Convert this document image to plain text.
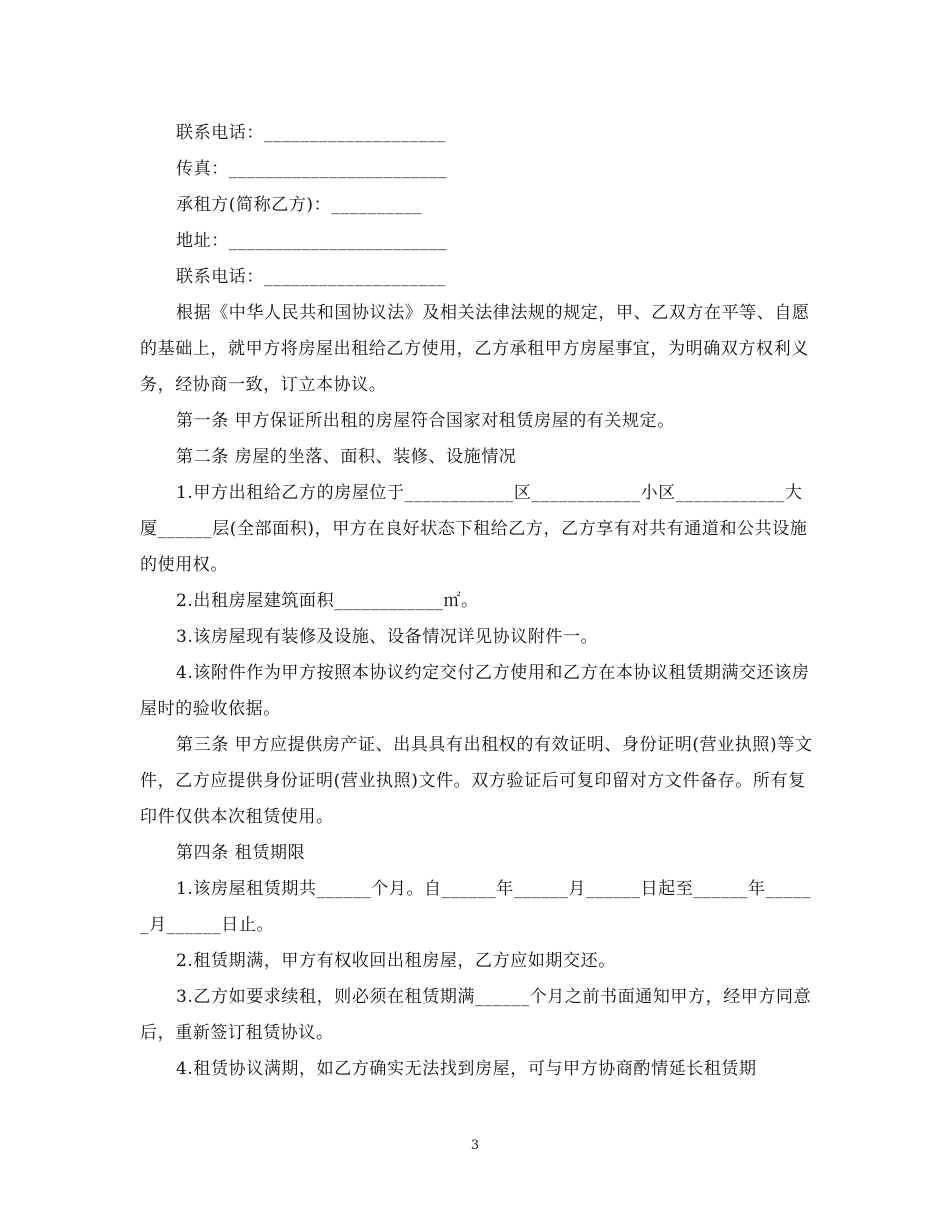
联系电话：____________________

传真：________________________

承租方(简称乙方)：__________

地址：________________________

联系电话：____________________

根据《中华人民共和国协议法》及相关法律法规的规定，甲、乙双方在平等、自愿的基础上，就甲方将房屋出租给乙方使用，乙方承租甲方房屋事宜，为明确双方权利义务，经协商一致，订立本协议。

第一条 甲方保证所出租的房屋符合国家对租赁房屋的有关规定。

第二条 房屋的坐落、面积、装修、设施情况

1.甲方出租给乙方的房屋位于____________区____________小区____________大厦______层(全部面积)，甲方在良好状态下租给乙方，乙方享有对共有通道和公共设施的使用权。

2.出租房屋建筑面积____________㎡。

3.该房屋现有装修及设施、设备情况详见协议附件一。

4.该附件作为甲方按照本协议约定交付乙方使用和乙方在本协议租赁期满交还该房屋时的验收依据。

第三条 甲方应提供房产证、出具具有出租权的有效证明、身份证明(营业执照)等文件，乙方应提供身份证明(营业执照)文件。双方验证后可复印留对方文件备存。所有复印件仅供本次租赁使用。

第四条 租赁期限

1.该房屋租赁期共______个月。自______年______月______日起至______年______月______日止。

2.租赁期满，甲方有权收回出租房屋，乙方应如期交还。

3.乙方如要求续租，则必须在租赁期满______个月之前书面通知甲方，经甲方同意后，重新签订租赁协议。

4.租赁协议满期，如乙方确实无法找到房屋，可与甲方协商酌情延长租赁期

3
